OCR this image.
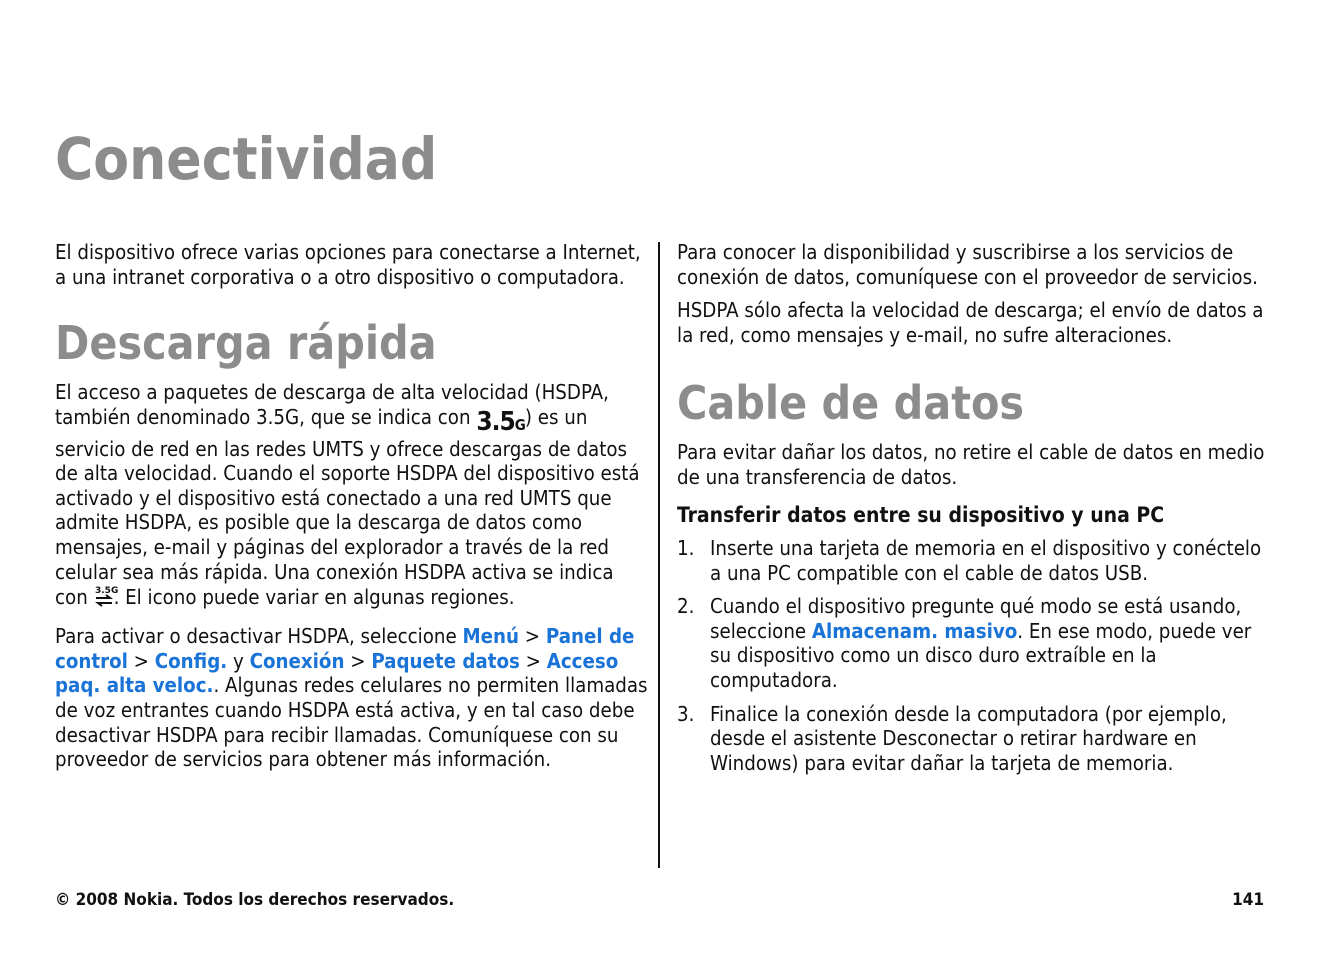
Conectividad

El dispositivo ofrece varias opciones para conectarse a Internet, a una intranet corporativa o a otro dispositivo o computadora.

Descarga rápida

El acceso a paquetes de descarga de alta velocidad (HSDPA, también denominado 3.5G, que se indica con 3.5G) es un servicio de red en las redes UMTS y ofrece descargas de datos de alta velocidad. Cuando el soporte HSDPA del dispositivo está activado y el dispositivo está conectado a una red UMTS que admite HSDPA, es posible que la descarga de datos como mensajes, e-mail y páginas del explorador a través de la red celular sea más rápida. Una conexión HSDPA activa se indica con 3.5G
. El icono puede variar en algunas regiones.

Para activar o desactivar HSDPA, seleccione Menú > Panel de control > Config. y Conexión > Paquete datos > Acceso paq. alta veloc.. Algunas redes celulares no permiten llamadas de voz entrantes cuando HSDPA está activa, y en tal caso debe desactivar HSDPA para recibir llamadas. Comuníquese con su proveedor de servicios para obtener más información.

Para conocer la disponibilidad y suscribirse a los servicios de conexión de datos, comuníquese con el proveedor de servicios.

HSDPA sólo afecta la velocidad de descarga; el envío de datos a la red, como mensajes y e-mail, no sufre alteraciones.

Cable de datos

Para evitar dañar los datos, no retire el cable de datos en medio de una transferencia de datos.

Transferir datos entre su dispositivo y una PC
1. Inserte una tarjeta de memoria en el dispositivo y conéctelo a una PC compatible con el cable de datos USB.
2. Cuando el dispositivo pregunte qué modo se está usando, seleccione Almacenam. masivo. En ese modo, puede ver su dispositivo como un disco duro extraíble en la computadora.
3. Finalice la conexión desde la computadora (por ejemplo, desde el asistente Desconectar o retirar hardware en Windows) para evitar dañar la tarjeta de memoria.
© 2008 Nokia. Todos los derechos reservados.	141
